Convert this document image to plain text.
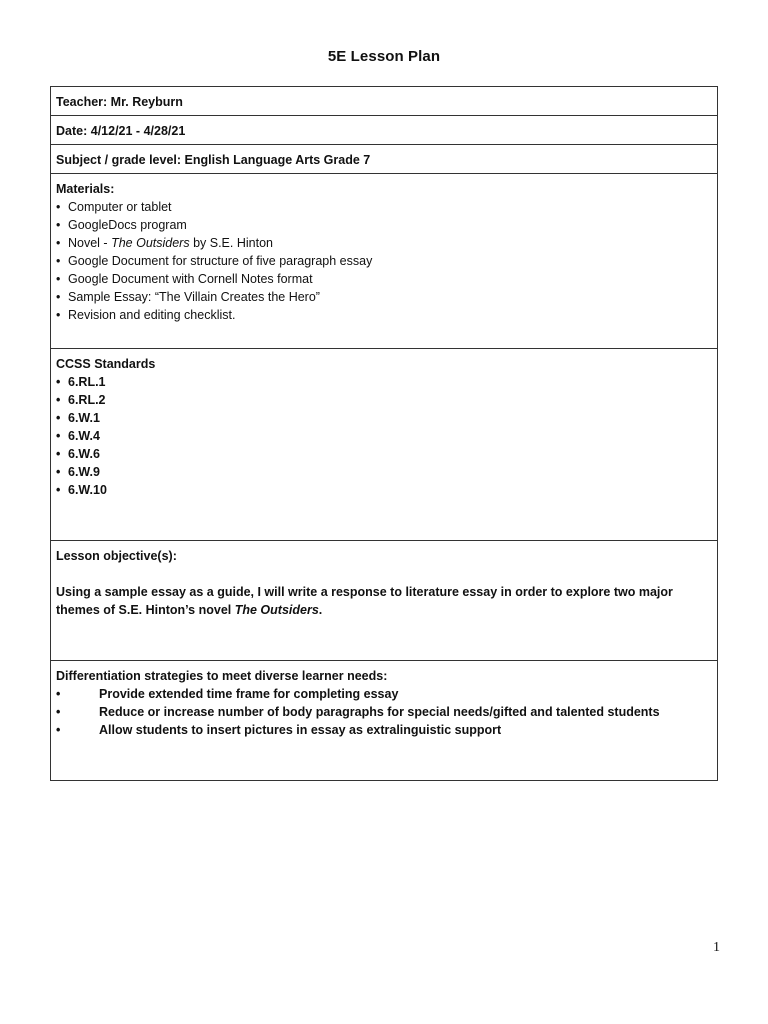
5E Lesson Plan
Teacher: Mr. Reyburn
Date: 4/12/21 - 4/28/21
Subject / grade level: English Language Arts Grade 7

Materials:
• Computer or tablet
• GoogleDocs program
• Novel - The Outsiders by S.E. Hinton
• Google Document for structure of five paragraph essay
• Google Document with Cornell Notes format
• Sample Essay: “The Villain Creates the Hero”
• Revision and editing checklist.

CCSS Standards
• 6.RL.1
• 6.RL.2
• 6.W.1
• 6.W.4
• 6.W.6
• 6.W.9
• 6.W.10

Lesson objective(s):
Using a sample essay as a guide, I will write a response to literature essay in order to explore two major themes of S.E. Hinton’s novel The Outsiders.

Differentiation strategies to meet diverse learner needs:
• Provide extended time frame for completing essay
• Reduce or increase number of body paragraphs for special needs/gifted and talented students
• Allow students to insert pictures in essay as extralinguistic support
1
